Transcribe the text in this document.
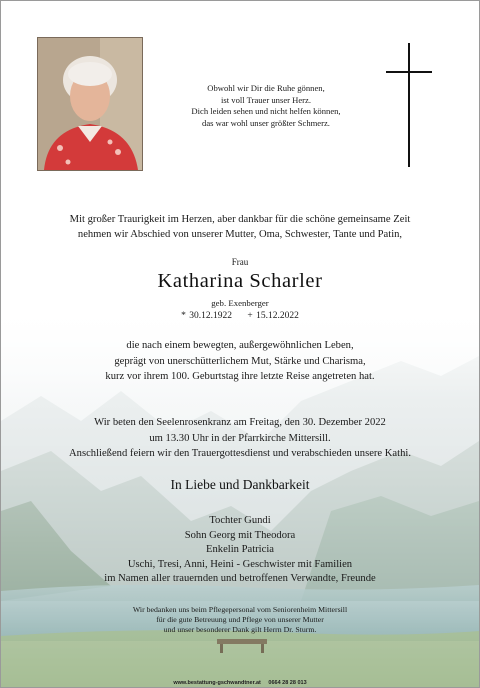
Obwohl wir Dir die Ruhe gönnen,
ist voll Trauer unser Herz.
Dich leiden sehen und nicht helfen können,
das war wohl unser größter Schmerz.
Mit großer Traurigkeit im Herzen, aber dankbar für die schöne gemeinsame Zeit
nehmen wir Abschied von unserer Mutter, Oma, Schwester, Tante und Patin,
Frau
Katharina Scharler
geb. Exenberger
* 30.12.1922 + 15.12.2022
die nach einem bewegten, außergewöhnlichen Leben,
geprägt von unerschütterlichem Mut, Stärke und Charisma,
kurz vor ihrem 100. Geburtstag ihre letzte Reise angetreten hat.
Wir beten den Seelenrosenkranz am Freitag, den 30. Dezember 2022
um 13.30 Uhr in der Pfarrkirche Mittersill.
Anschließend feiern wir den Trauergottesdienst und verabschieden unsere Kathi.
In Liebe und Dankbarkeit
Tochter Gundi
Sohn Georg mit Theodora
Enkelin Patricia
Uschi, Tresi, Anni, Heini - Geschwister mit Familien
im Namen aller trauernden und betroffenen Verwandte, Freunde
Wir bedanken uns beim Pflegepersonal vom Seniorenheim Mittersill
für die gute Betreuung und Pflege von unserer Mutter
und unser besonderer Dank gilt Herrn Dr. Sturm.
www.bestattung-gschwandtner.at 0664 28 28 013
